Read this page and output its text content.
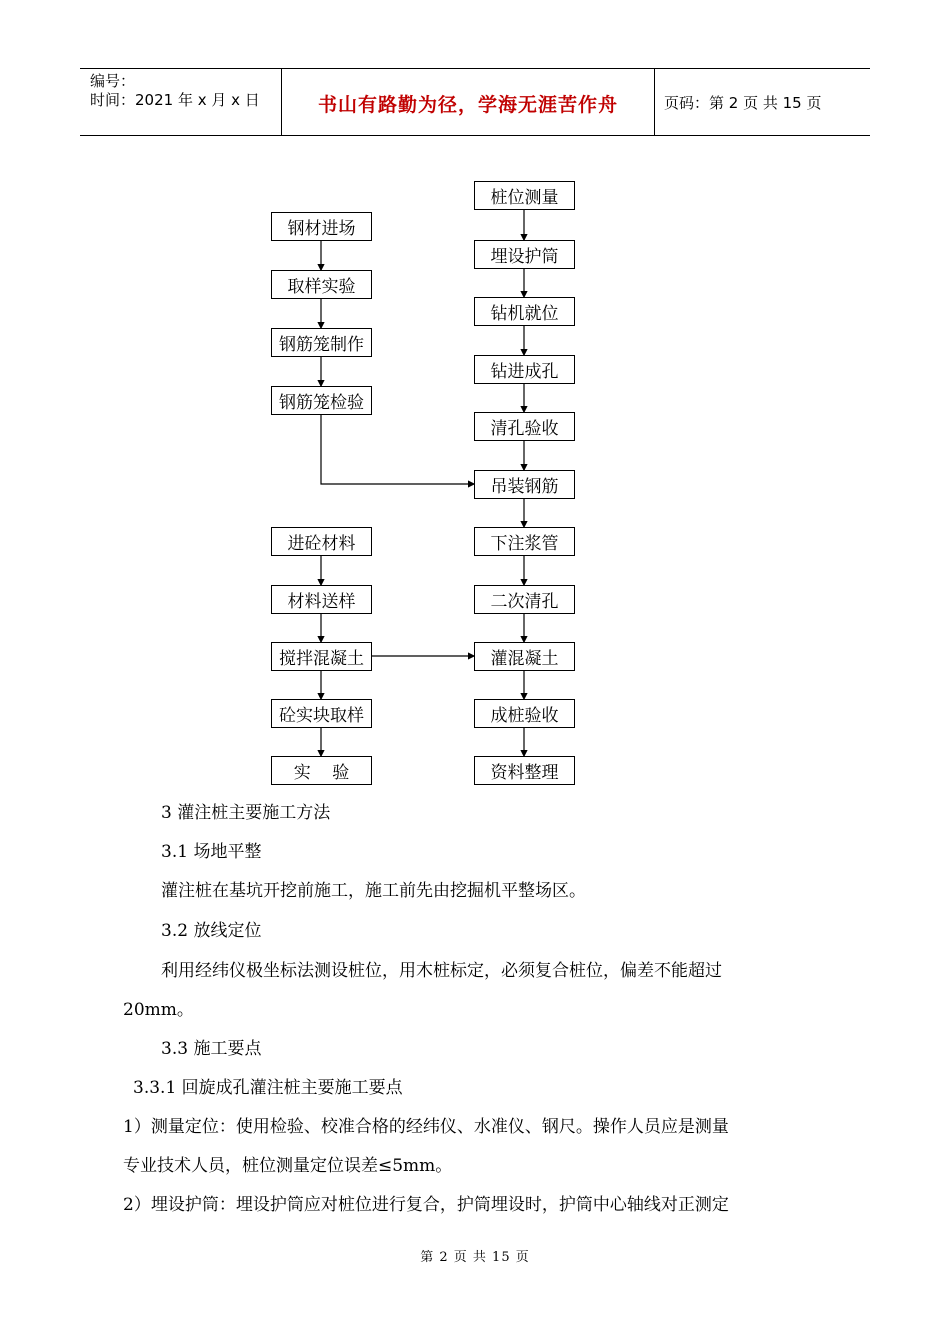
编号：
时间：2021 年 x 月 x 日	书山有路勤为径，学海无涯苦作舟	页码：第 2 页 共 15 页
钢材进场
取样实验
钢筋笼制作
钢筋笼检验
进砼材料
材料送样
搅拌混凝土
砼实块取样
实    验
桩位测量
埋设护筒
钻机就位
钻进成孔
清孔验收
吊装钢筋
下注浆管
二次清孔
灌混凝土
成桩验收
资料整理
3 灌注桩主要施工方法
3.1 场地平整
灌注桩在基坑开挖前施工，施工前先由挖掘机平整场区。
3.2 放线定位
利用经纬仪极坐标法测设桩位，用木桩标定，必须复合桩位，偏差不能超过
20mm。
3.3 施工要点
3.3.1 回旋成孔灌注桩主要施工要点
1）测量定位：使用检验、校准合格的经纬仪、水准仪、钢尺。操作人员应是测量
专业技术人员，桩位测量定位误差≤5mm。
2）埋设护筒：埋设护筒应对桩位进行复合，护筒埋设时，护筒中心轴线对正测定
第 2 页 共 15 页
